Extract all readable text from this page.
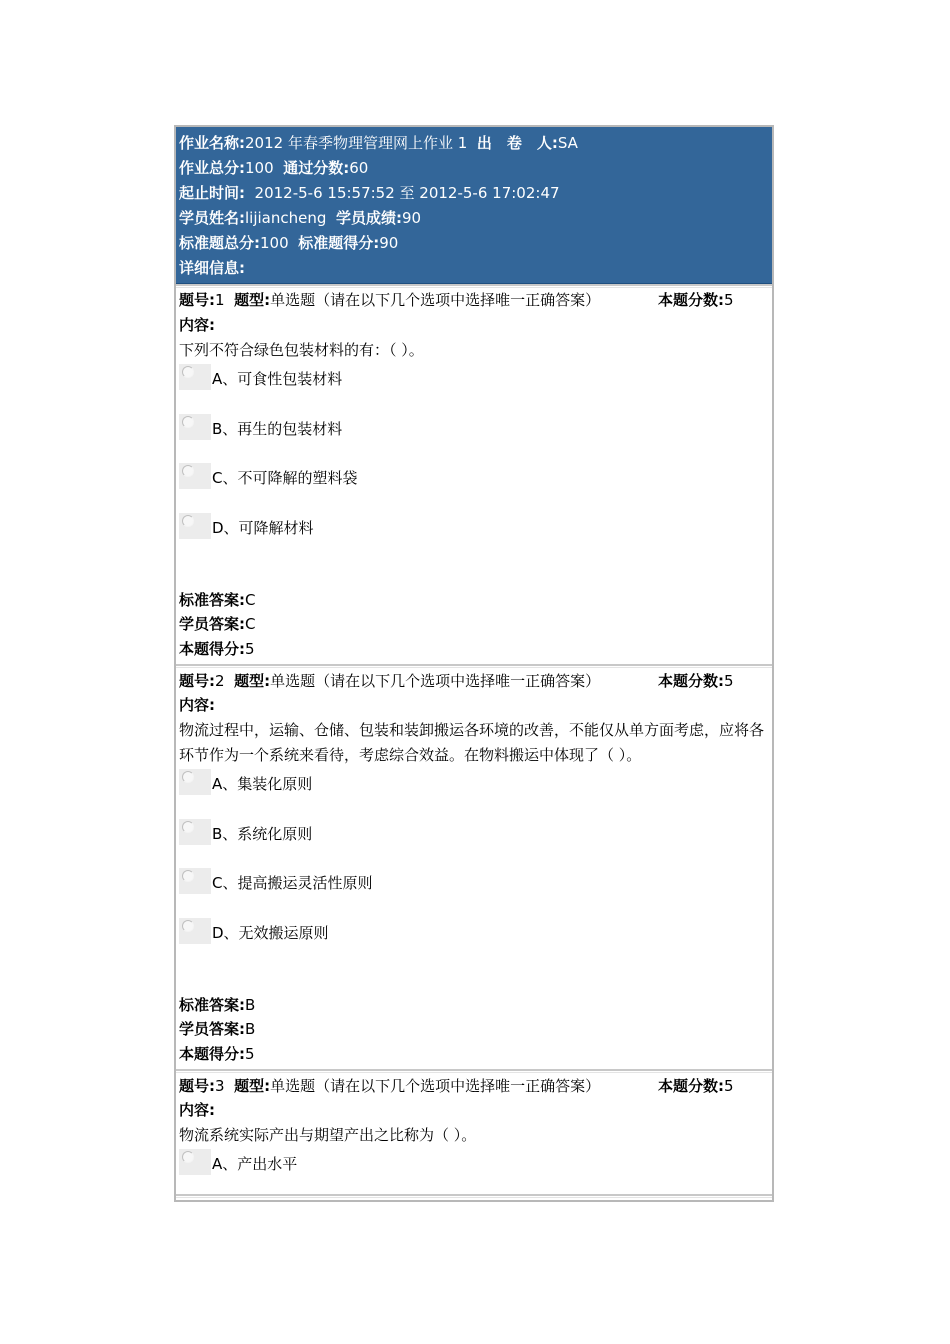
作业名称:2012 年春季物理管理网上作业 1 出　卷　人:SA
作业总分:100 通过分数:60
起止时间: 2012-5-6 15:57:52 至 2012-5-6 17:02:47
学员姓名:lijiancheng 学员成绩:90
标准题总分:100 标准题得分:90
详细信息:
题号:1 题型:单选题（请在以下几个选项中选择唯一正确答案）	本题分数:5
内容:
下列不符合绿色包装材料的有：（ ）。
A、可食性包装材料
B、再生的包装材料
C、不可降解的塑料袋
D、可降解材料
标准答案:C
学员答案:C
本题得分:5
题号:2 题型:单选题（请在以下几个选项中选择唯一正确答案）	本题分数:5
内容:
物流过程中，运输、仓储、包装和装卸搬运各环境的改善，不能仅从单方面考虑，应将各环节作为一个系统来看待，考虑综合效益。在物料搬运中体现了（ ）。
A、集装化原则
B、系统化原则
C、提高搬运灵活性原则
D、无效搬运原则
标准答案:B
学员答案:B
本题得分:5
题号:3 题型:单选题（请在以下几个选项中选择唯一正确答案）	本题分数:5
内容:
物流系统实际产出与期望产出之比称为（ ）。
A、产出水平
